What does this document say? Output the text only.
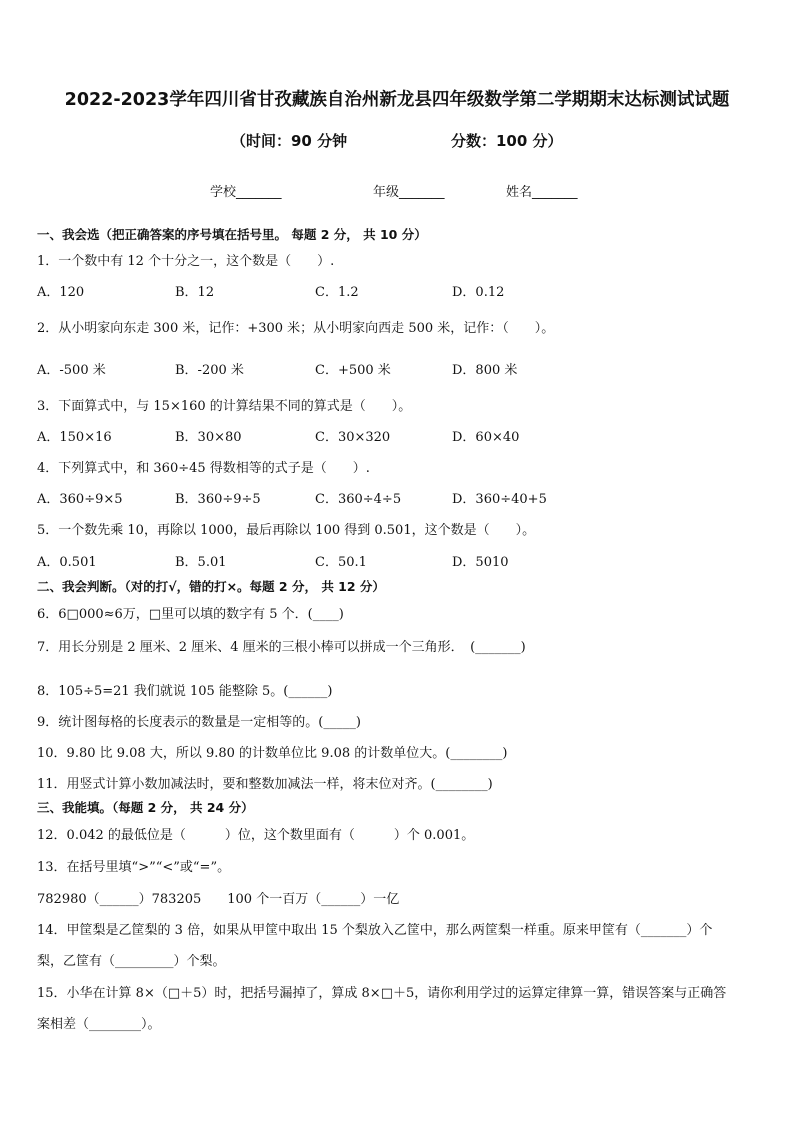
2022-2023学年四川省甘孜藏族自治州新龙县四年级数学第二学期期末达标测试试题
（时间：90 分钟	分数：100 分）
学校_______	年级_______	姓名_______
一、我会选（把正确答案的序号填在括号里。 每题 2 分， 共 10 分）
1．一个数中有 12 个十分之一，这个数是（　　）.
A．120	B．12	C．1.2	D．0.12
2．从小明家向东走 300 米，记作：+300 米；从小明家向西走 500 米，记作：（　　）。
A．-500 米	B．-200 米	C．+500 米	D．800 米
3．下面算式中，与 15×160 的计算结果不同的算式是（　　）。
A．150×16	B．30×80	C．30×320	D．60×40
4．下列算式中，和 360÷45 得数相等的式子是（　　）.
A．360÷9×5	B．360÷9÷5	C．360÷4÷5	D．360÷40+5
5．一个数先乘 10，再除以 1000，最后再除以 100 得到 0.501，这个数是（　　）。
A．0.501	B．5.01	C．50.1	D．5010
二、我会判断。（对的打√，错的打×。每题 2 分， 共 12 分）
6．6□000≈6万，□里可以填的数字有 5 个．(____)
7．用长分别是 2 厘米、2 厘米、4 厘米的三根小棒可以拼成一个三角形．　(_______)
8．105÷5=21 我们就说 105 能整除 5。(______)
9．统计图每格的长度表示的数量是一定相等的。(_____)
10．9.80 比 9.08 大，所以 9.80 的计数单位比 9.08 的计数单位大。(________)
11．用竖式计算小数加减法时，要和整数加减法一样，将末位对齐。(________)
三、我能填。（每题 2 分， 共 24 分）
12．0.042 的最低位是（　　　）位，这个数里面有（　　　）个 0.001。
13．在括号里填“>”“<”或“=”。
782980（______）783205　　100 个一百万（______）一亿
14．甲筐梨是乙筐梨的 3 倍，如果从甲筐中取出 15 个梨放入乙筐中，那么两筐梨一样重。原来甲筐有（_______）个
梨，乙筐有（_________）个梨。
15．小华在计算 8×（□＋5）时，把括号漏掉了，算成 8×□＋5，请你利用学过的运算定律算一算，错误答案与正确答
案相差（________）。
